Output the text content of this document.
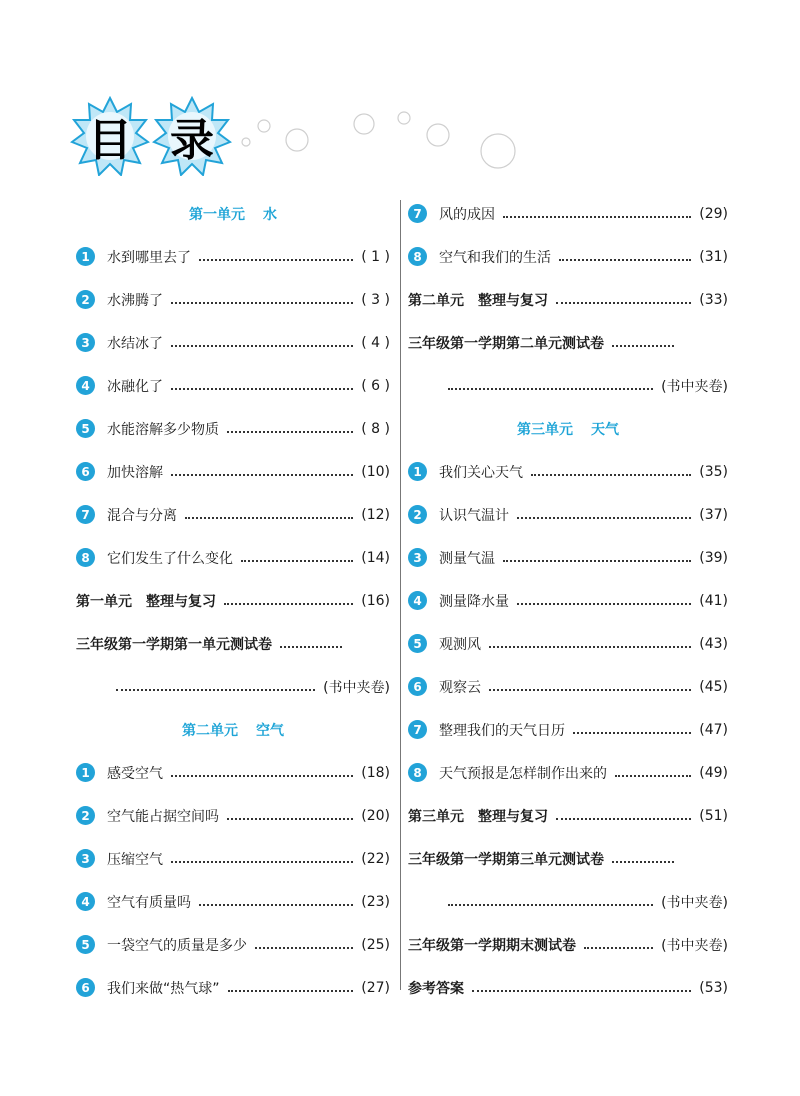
目 录
第一单元 水
1	水到哪里去了	( 1 )
2	水沸腾了	( 3 )
3	水结冰了	( 4 )
4	冰融化了	( 6 )
5	水能溶解多少物质	( 8 )
6	加快溶解	(10)
7	混合与分离	(12)
8	它们发生了什么变化	(14)
第一单元　整理与复习	(16)
三年级第一学期第一单元测试卷
(书中夹卷)
第二单元 空气
1	感受空气	(18)
2	空气能占据空间吗	(20)
3	压缩空气	(22)
4	空气有质量吗	(23)
5	一袋空气的质量是多少	(25)
6	我们来做“热气球”	(27)
7	风的成因	(29)
8	空气和我们的生活	(31)
第二单元　整理与复习	(33)
三年级第一学期第二单元测试卷
(书中夹卷)
第三单元 天气
1	我们关心天气	(35)
2	认识气温计	(37)
3	测量气温	(39)
4	测量降水量	(41)
5	观测风	(43)
6	观察云	(45)
7	整理我们的天气日历	(47)
8	天气预报是怎样制作出来的	(49)
第三单元　整理与复习	(51)
三年级第一学期第三单元测试卷
(书中夹卷)
三年级第一学期期末测试卷	(书中夹卷)
参考答案	(53)
